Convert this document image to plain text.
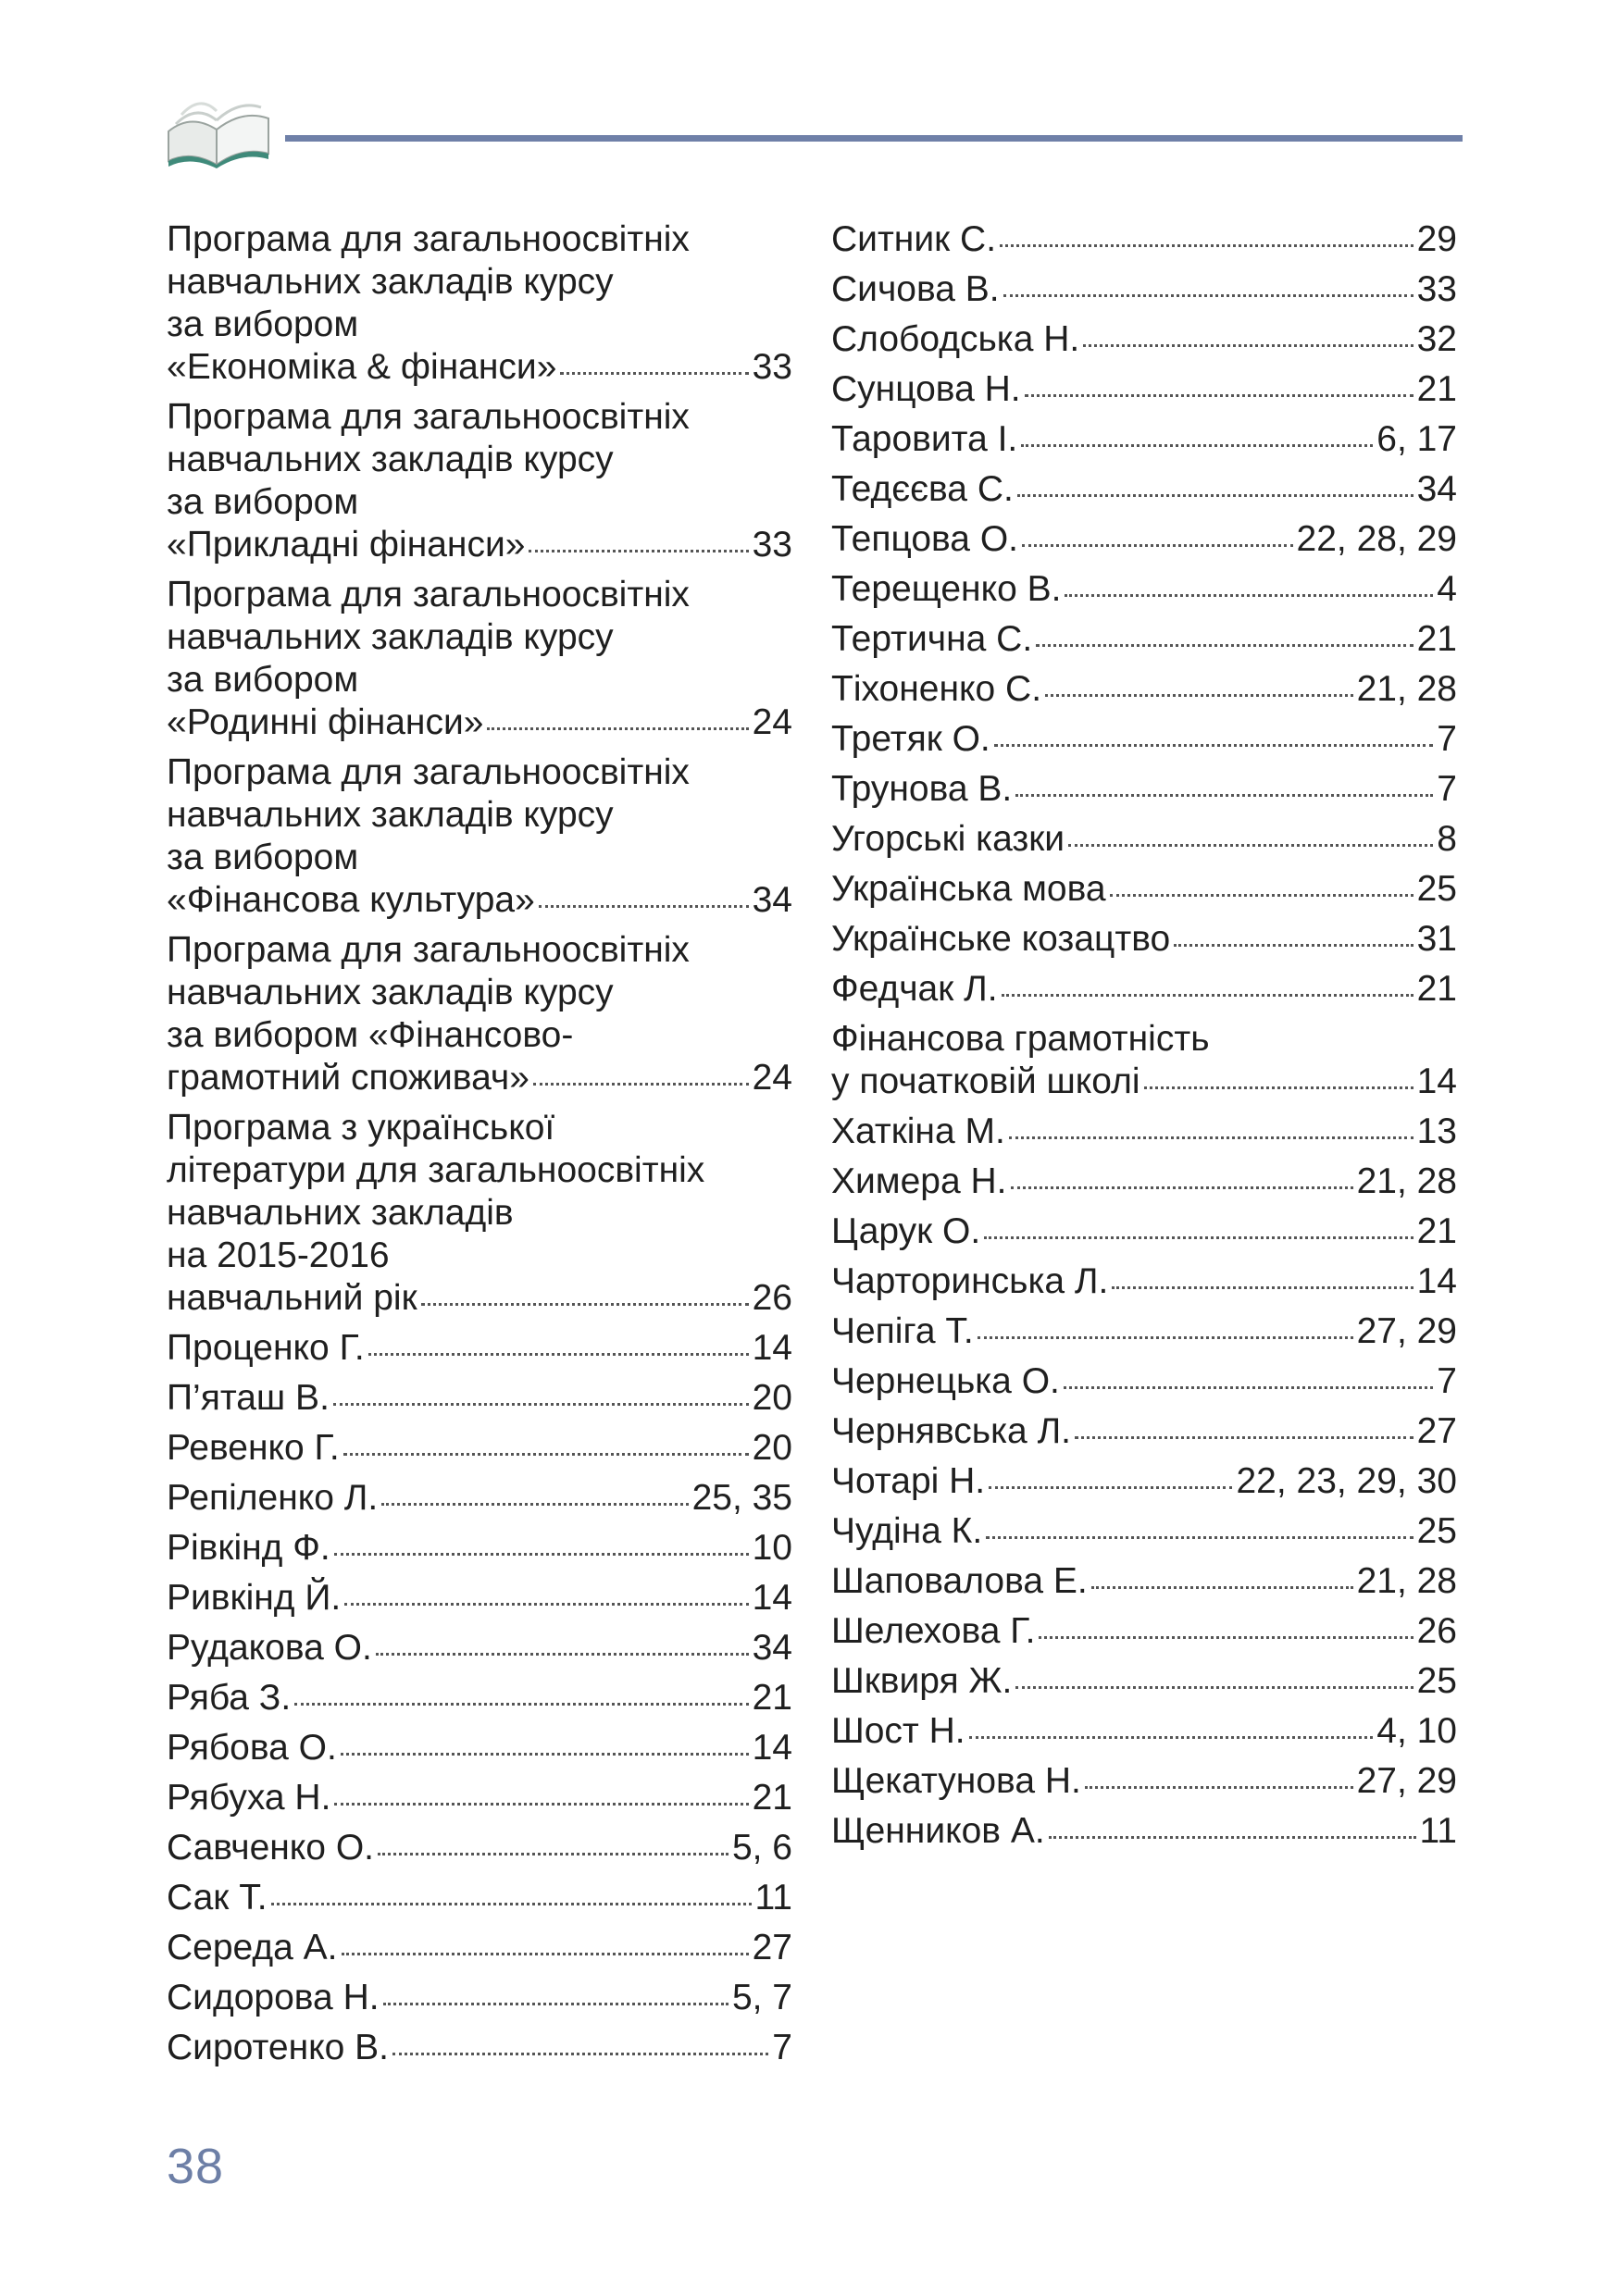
Програма для загальноосвітніх
навчальних закладів курсу
за вибором
«Економіка & фінанси»	33
Програма для загальноосвітніх
навчальних закладів курсу
за вибором
«Прикладні фінанси»	33
Програма для загальноосвітніх
навчальних закладів курсу
за вибором
«Родинні фінанси»	24
Програма для загальноосвітніх
навчальних закладів курсу
за вибором
«Фінансова культура»	34
Програма для загальноосвітніх
навчальних закладів курсу
за вибором «Фінансово-
грамотний споживач»	24
Програма з української
літератури для загальноосвітніх
навчальних закладів
на 2015-2016
навчальний рік	26
Проценко Г.	14
П’яташ В.	20
Ревенко Г.	20
Репіленко Л.	25, 35
Рівкінд Ф.	10
Ривкінд Й.	14
Рудакова О.	34
Ряба З.	21
Рябова О.	14
Рябуха Н.	21
Савченко О.	5, 6
Сак Т.	11
Середа А.	27
Сидорова Н.	5, 7
Сиротенко В.	7
Ситник С.	29
Сичова В.	33
Слободська Н.	32
Сунцова Н.	21
Таровита І.	6, 17
Тедєєва С.	34
Тепцова О.	22, 28, 29
Терещенко В.	4
Тертична С.	21
Тіхоненко С.	21, 28
Третяк О.	7
Трунова В.	7
Угорські казки	8
Українська мова	25
Українське козацтво	31
Федчак Л.	21
Фінансова грамотність
у початковій школі	14
Хаткіна М.	13
Химера Н.	21, 28
Царук О.	21
Чарторинська Л.	14
Чепіга Т.	27, 29
Чернецька О.	7
Чернявська Л.	27
Чотарі Н.	22, 23, 29, 30
Чудіна К.	25
Шаповалова Е.	21, 28
Шелехова Г.	26
Шквиря Ж.	25
Шост Н.	4, 10
Щекатунова Н.	27, 29
Щенников А.	11
38
